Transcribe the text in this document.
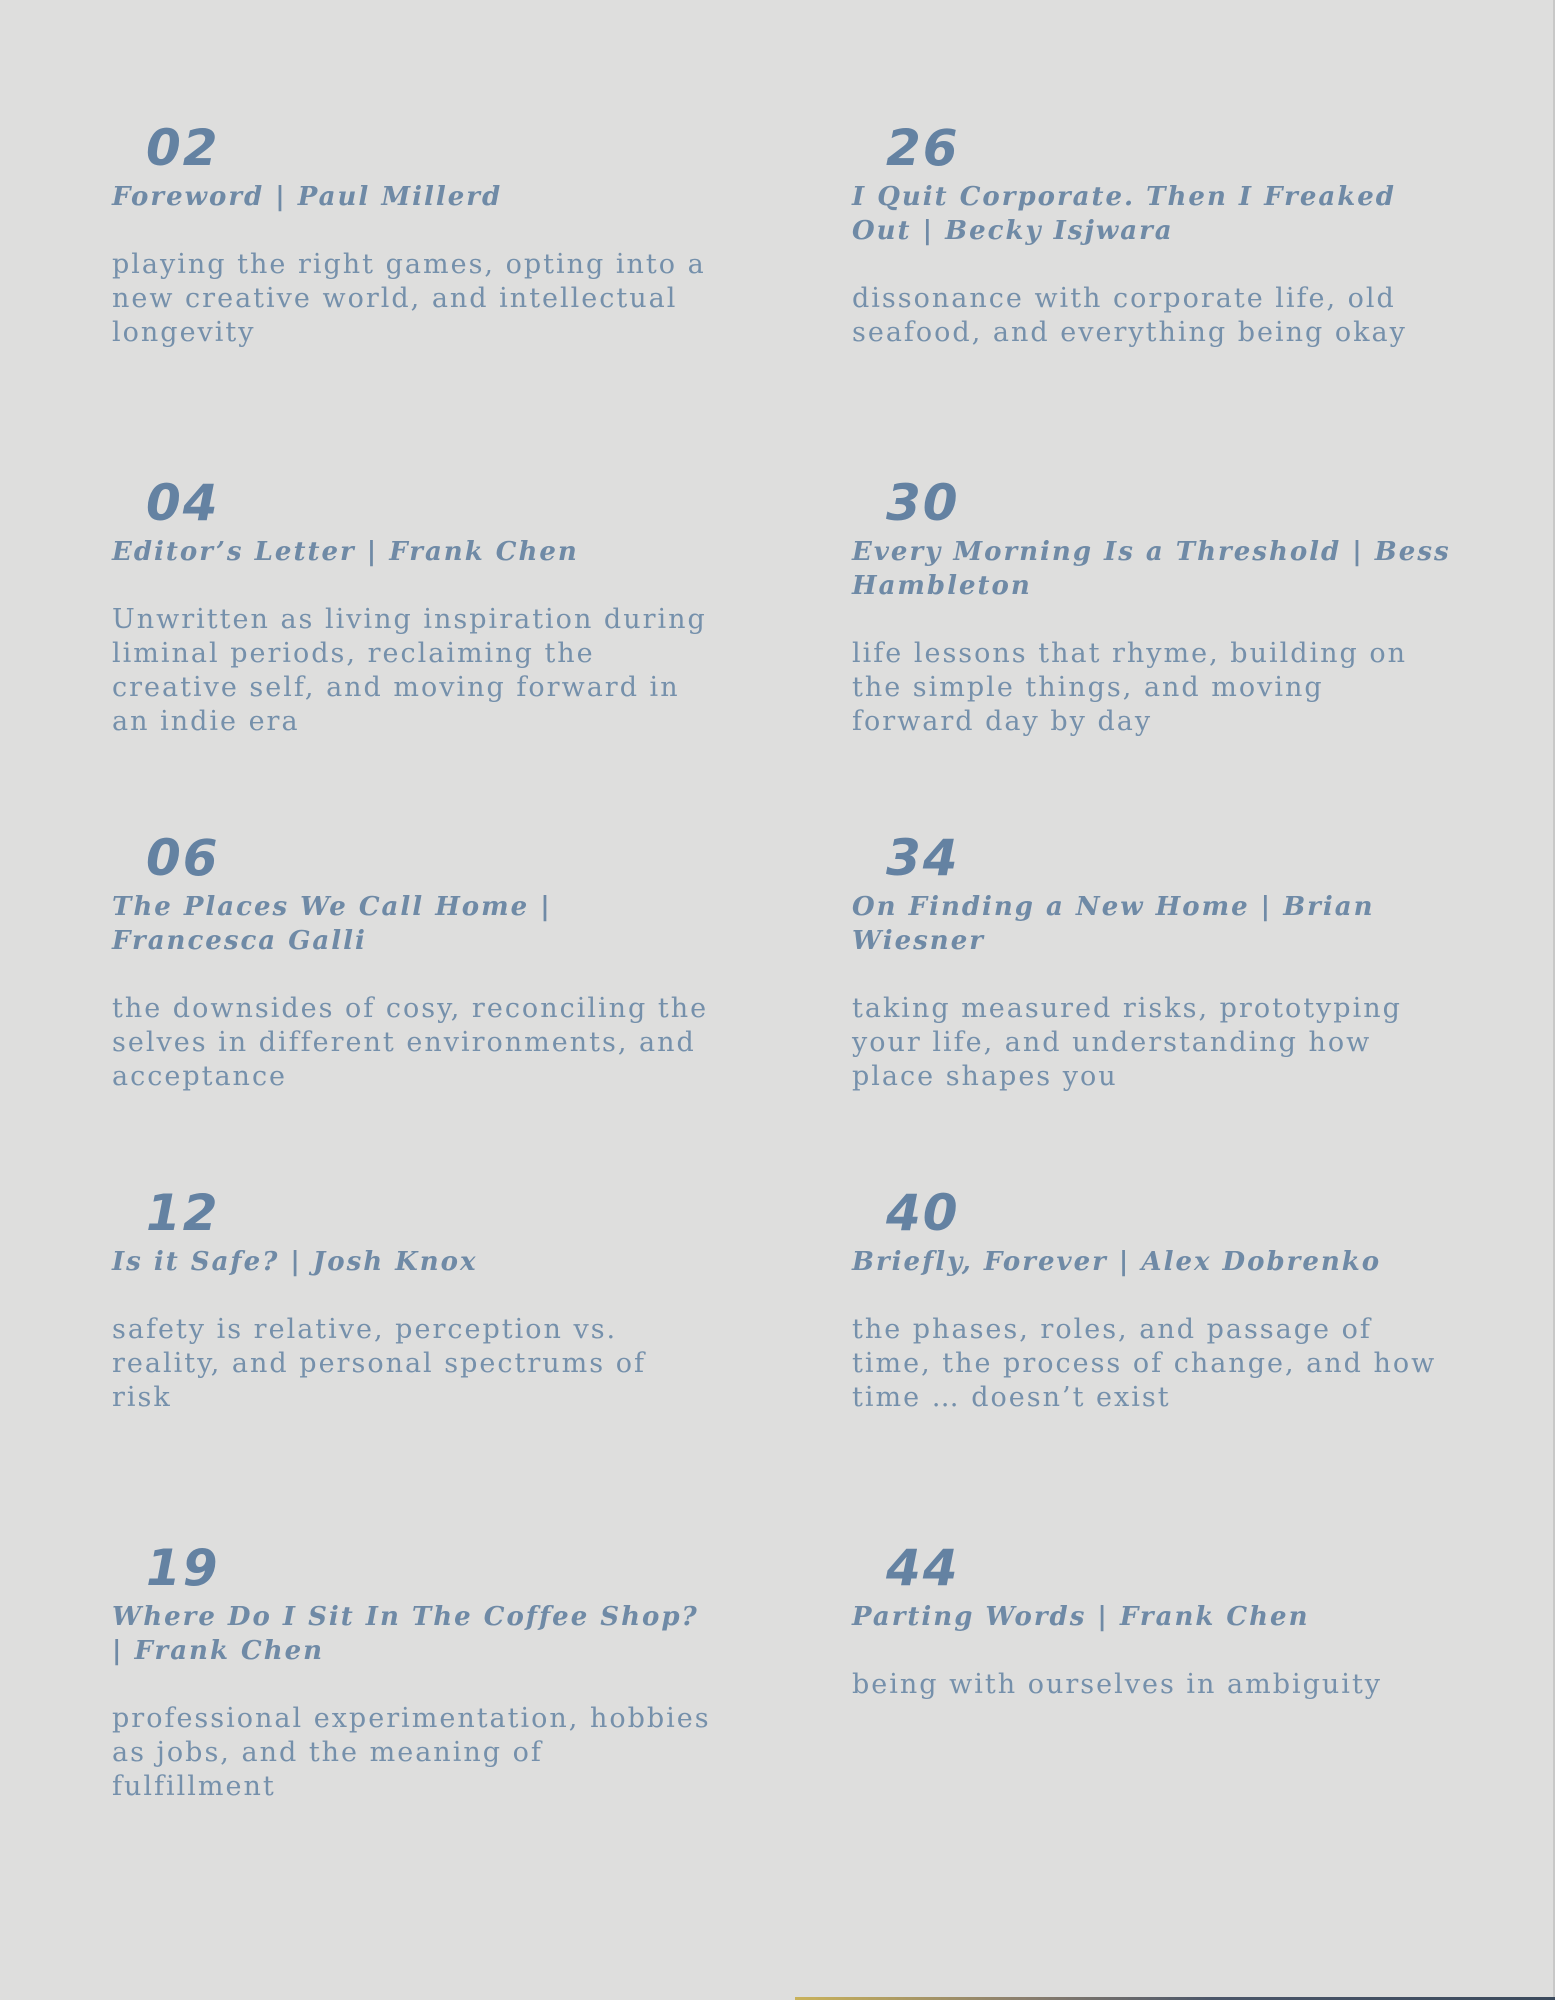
02
Foreword | Paul Millerd
playing the right games, opting into a new creative world, and intellectual longevity
26
I Quit Corporate. Then I Freaked Out | Becky Isjwara
dissonance with corporate life, old seafood, and everything being okay
04
Editor’s Letter | Frank Chen
Unwritten as living inspiration during liminal periods, reclaiming the creative self, and moving forward in an indie era
30
Every Morning Is a Threshold | Bess Hambleton
life lessons that rhyme, building on the simple things, and moving forward day by day
06
The Places We Call Home | Francesca Galli
the downsides of cosy, reconciling the selves in different environments, and acceptance
34
On Finding a New Home | Brian Wiesner
taking measured risks, prototyping your life, and understanding how place shapes you
12
Is it Safe? | Josh Knox
safety is relative, perception vs. reality, and personal spectrums of risk
40
Briefly, Forever | Alex Dobrenko
the phases, roles, and passage of time, the process of change, and how time … doesn’t exist
19
Where Do I Sit In The Coffee Shop? | Frank Chen
professional experimentation, hobbies as jobs, and the meaning of fulfillment
44
Parting Words | Frank Chen
being with ourselves in ambiguity
